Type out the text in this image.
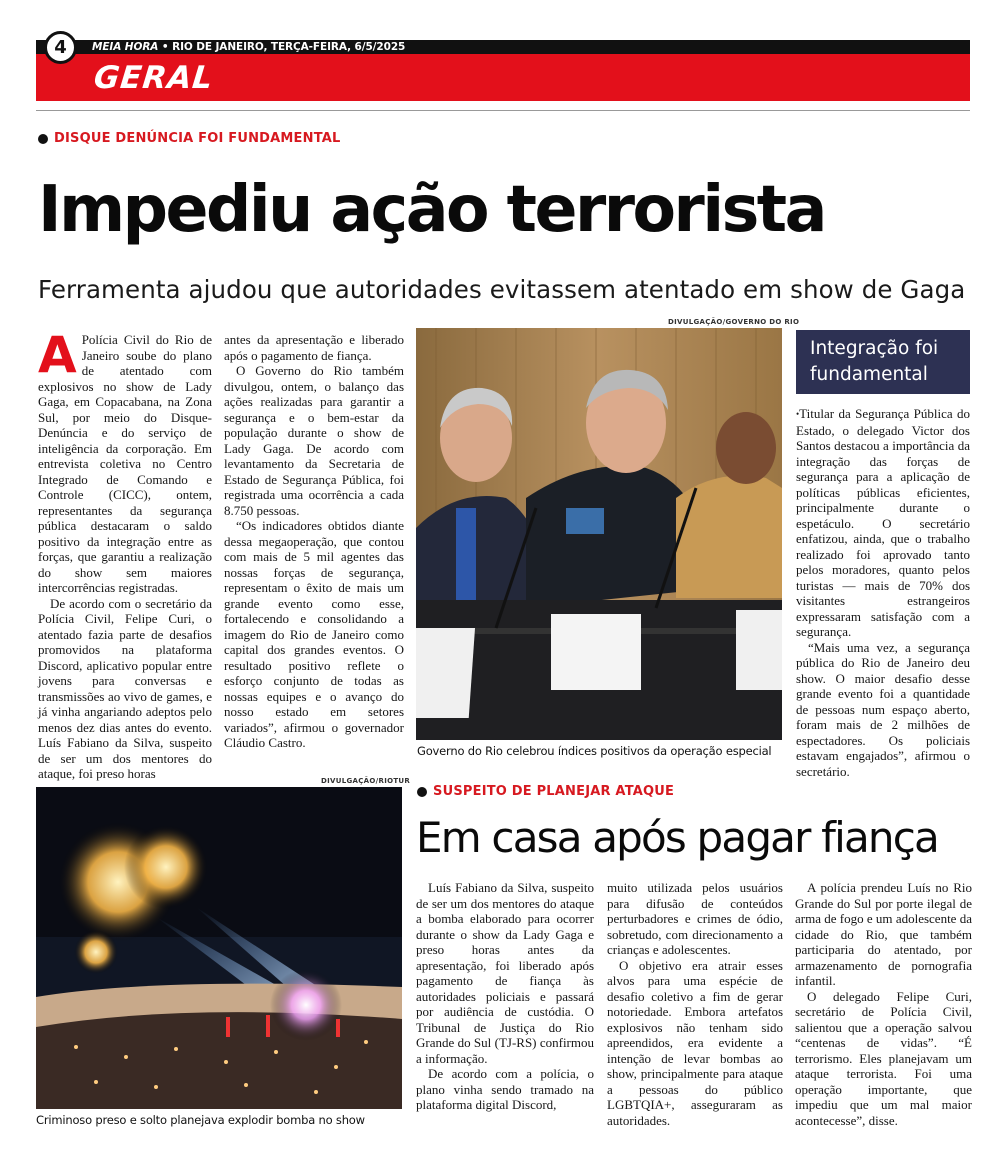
MEIA HORA • RIO DE JANEIRO, TERÇA-FEIRA, 6/5/2025
4
GERAL
DISQUE DENÚNCIA FOI FUNDAMENTAL
Impediu ação terrorista
Ferramenta ajudou que autoridades evitassem atentado em show de Gaga
A Polícia Civil do Rio de Janeiro soube do plano de atentado com explosivos no show de Lady Gaga, em Copacabana, na Zona Sul, por meio do Disque-Denúncia e do serviço de inteligência da corporação. Em entrevista coletiva no Centro Integrado de Comando e Controle (CICC), ontem, representantes da segurança pública destacaram o saldo positivo da integração entre as forças, que garantiu a realização do show sem maiores intercorrências registradas.

De acordo com o secretário da Polícia Civil, Felipe Curi, o atentado fazia parte de desafios promovidos na plataforma Discord, aplicativo popular entre jovens para conversas e transmissões ao vivo de games, e já vinha angariando adeptos pelo menos dez dias antes do evento. Luís Fabiano da Silva, suspeito de ser um dos mentores do ataque, foi preso horas

antes da apresentação e liberado após o pagamento de fiança.

O Governo do Rio também divulgou, ontem, o balanço das ações realizadas para garantir a segurança e o bem-estar da população durante o show de Lady Gaga. De acordo com levantamento da Secretaria de Estado de Segurança Pública, foi registrada uma ocorrência a cada 8.750 pessoas.

“Os indicadores obtidos diante dessa megaoperação, que contou com mais de 5 mil agentes das nossas forças de segurança, representam o êxito de mais um grande evento como esse, fortalecendo e consolidando a imagem do Rio de Janeiro como capital dos grandes eventos. O resultado positivo reflete o esforço conjunto de todas as nossas equipes e o avanço do nosso estado em setores variados”, afirmou o governador Cláudio Castro.

DIVULGAÇÃO/GOVERNO DO RIO
Governo do Rio celebrou índices positivos da operação especial
Integração foi fundamental

•Titular da Segurança Pública do Estado, o delegado Victor dos Santos destacou a importância da integração das forças de segurança para a aplicação de políticas públicas eficientes, principalmente durante o espetáculo. O secretário enfatizou, ainda, que o trabalho realizado foi aprovado tanto pelos moradores, quanto pelos turistas — mais de 70% dos visitantes estrangeiros expressaram satisfação com a segurança.

“Mais uma vez, a segurança pública do Rio de Janeiro deu show. O maior desafio desse grande evento foi a quantidade de pessoas num espaço aberto, foram mais de 2 milhões de espectadores. Os policiais estavam engajados”, afirmou o secretário.

DIVULGAÇÃO/RIOTUR
Criminoso preso e solto planejava explodir bomba no show
SUSPEITO DE PLANEJAR ATAQUE
Em casa após pagar fiança

Luís Fabiano da Silva, suspeito de ser um dos mentores do ataque a bomba elaborado para ocorrer durante o show da Lady Gaga e preso horas antes da apresentação, foi liberado após pagamento de fiança às autoridades policiais e passará por audiência de custódia. O Tribunal de Justiça do Rio Grande do Sul (TJ-RS) confirmou a informação.

De acordo com a polícia, o plano vinha sendo tramado na plataforma digital Discord,

muito utilizada pelos usuários para difusão de conteúdos perturbadores e crimes de ódio, sobretudo, com direcionamento a crianças e adolescentes.

O objetivo era atrair esses alvos para uma espécie de desafio coletivo a fim de gerar notoriedade. Embora artefatos explosivos não tenham sido apreendidos, era evidente a intenção de levar bombas ao show, principalmente para ataque a pessoas do público LGBTQIA+, asseguraram as autoridades.

A polícia prendeu Luís no Rio Grande do Sul por porte ilegal de arma de fogo e um adolescente da cidade do Rio, que também participaria do atentado, por armazenamento de pornografia infantil.

O delegado Felipe Curi, secretário de Polícia Civil, salientou que a operação salvou “centenas de vidas”. “É terrorismo. Eles planejavam um ataque terrorista. Foi uma operação importante, que impediu que um mal maior acontecesse”, disse.
